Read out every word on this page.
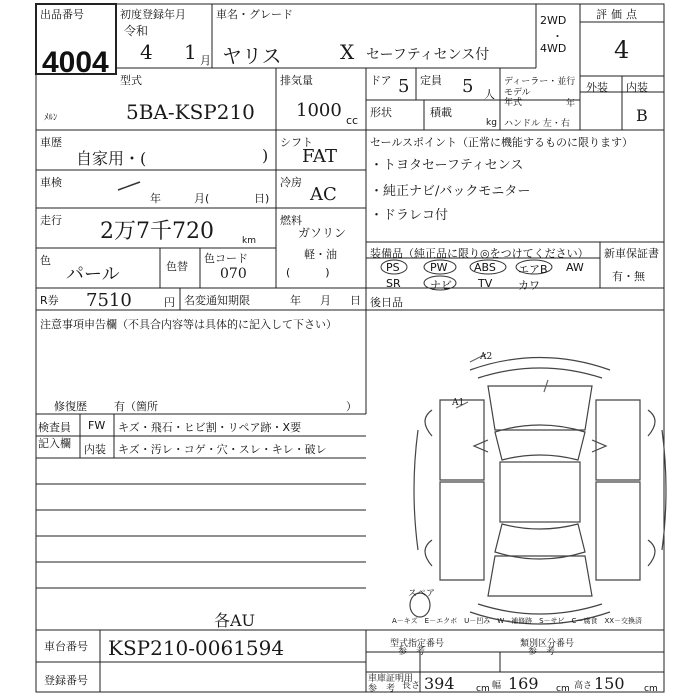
出品番号
4004
ﾒﾙﾝ
初度登録年月
令和
4 1 月
車名・グレード
ヤリス	X セーフティセンス付
2WD
・
4WD
評価点
4
外装 内装
B
型式
5BA-KSP210
排気量
1000 cc
ドア 5 定員 5 人
ディーラー・並行
形状	積載
kg
モデル
年式	年
ハンドル 左・右
車歴
自家用・(	)
シフト
FAT
車検
年	月(	日)
冷房
AC
走行 2万7千720	km
燃料
ガソリン
軽・油
(          )
色
パール	色替
色コード
070
R券 7510	円 名変通知期限	年 月 日
注意事項申告欄（不具合内容等は具体的に記入して下さい）
修復歴 有（箇所	）
検査員
記入欄
FW キズ・飛石・ヒビ割・リペア跡・X要
内装 キズ・汚レ・コゲ・穴・スレ・キレ・破レ
各AU
セールスポイント（正常に機能するものに限ります）
・トヨタセーフティセンス
・純正ナビ/バックモニター
・ドラレコ付
装備品（純正品に限り◎をつけてください） 新車保証書
有・無
PS	PW ABS エアB AW
SR	ナビ TV カワ
後日品
スペア
A2
A1
A－キズ　E－エクボ　U－凹み　W－補修跡　S－サビ　C－腐食　XX－交換済
車台番号 KSP210-0061594
登録番号
型式指定番号
参　考
類別区分番号
参　考
車庫証明用
参　考 長さ 394 cm 幅 169 cm 高さ 150 cm
